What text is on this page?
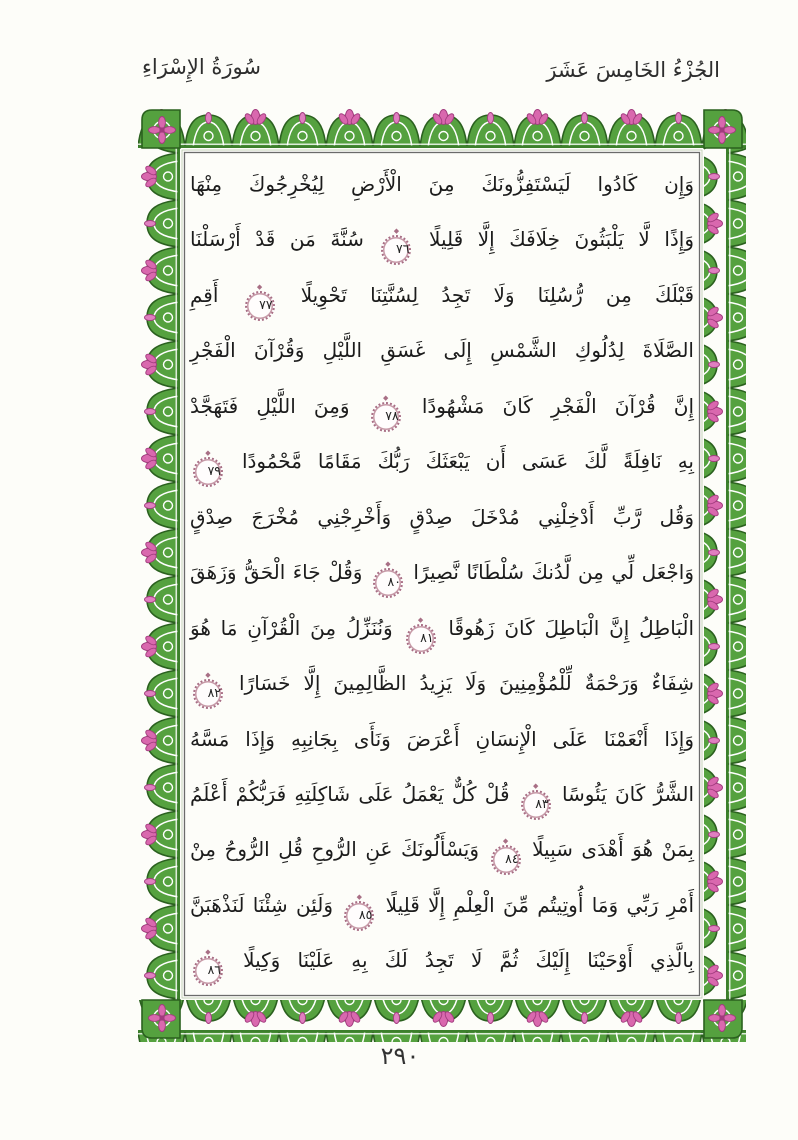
الجُزْءُ الخَامِسَ عَشَرَ
سُورَةُ الإِسْرَاءِ
وَإِن كَادُوا لَيَسْتَفِزُّونَكَ مِنَ الْأَرْضِ لِيُخْرِجُوكَ مِنْهَا
وَإِذًا لَّا يَلْبَثُونَ خِلَافَكَ إِلَّا قَلِيلًا
◆ ٧٦
سُنَّةَ مَن قَدْ أَرْسَلْنَا
قَبْلَكَ مِن رُّسُلِنَا وَلَا تَجِدُ لِسُنَّتِنَا تَحْوِيلًا
◆ ٧٧
أَقِمِ
الصَّلَاةَ لِدُلُوكِ الشَّمْسِ إِلَى غَسَقِ اللَّيْلِ وَقُرْآنَ الْفَجْرِ
إِنَّ قُرْآنَ الْفَجْرِ كَانَ مَشْهُودًا
◆ ٧٨
وَمِنَ اللَّيْلِ فَتَهَجَّدْ
بِهِ نَافِلَةً لَّكَ عَسَى أَن يَبْعَثَكَ رَبُّكَ مَقَامًا مَّحْمُودًا
◆ ٧٩
وَقُل رَّبِّ أَدْخِلْنِي مُدْخَلَ صِدْقٍ وَأَخْرِجْنِي مُخْرَجَ صِدْقٍ
وَاجْعَل لِّي مِن لَّدُنكَ سُلْطَانًا نَّصِيرًا
◆ ٨٠
وَقُلْ جَاءَ الْحَقُّ وَزَهَقَ
الْبَاطِلُ إِنَّ الْبَاطِلَ كَانَ زَهُوقًا
◆ ٨١
وَنُنَزِّلُ مِنَ الْقُرْآنِ مَا هُوَ
شِفَاءٌ وَرَحْمَةٌ لِّلْمُؤْمِنِينَ وَلَا يَزِيدُ الظَّالِمِينَ إِلَّا خَسَارًا
◆ ٨٢
وَإِذَا أَنْعَمْنَا عَلَى الْإِنسَانِ أَعْرَضَ وَنَأَى بِجَانِبِهِ وَإِذَا مَسَّهُ
الشَّرُّ كَانَ يَئُوسًا
◆ ٨٣
قُلْ كُلٌّ يَعْمَلُ عَلَى شَاكِلَتِهِ فَرَبُّكُمْ أَعْلَمُ
بِمَنْ هُوَ أَهْدَى سَبِيلًا
◆ ٨٤
وَيَسْأَلُونَكَ عَنِ الرُّوحِ قُلِ الرُّوحُ مِنْ
أَمْرِ رَبِّي وَمَا أُوتِيتُم مِّنَ الْعِلْمِ إِلَّا قَلِيلًا
◆ ٨٥
وَلَئِن شِئْنَا لَنَذْهَبَنَّ
بِالَّذِي أَوْحَيْنَا إِلَيْكَ ثُمَّ لَا تَجِدُ لَكَ بِهِ عَلَيْنَا وَكِيلًا
◆ ٨٦
٢٩٠
